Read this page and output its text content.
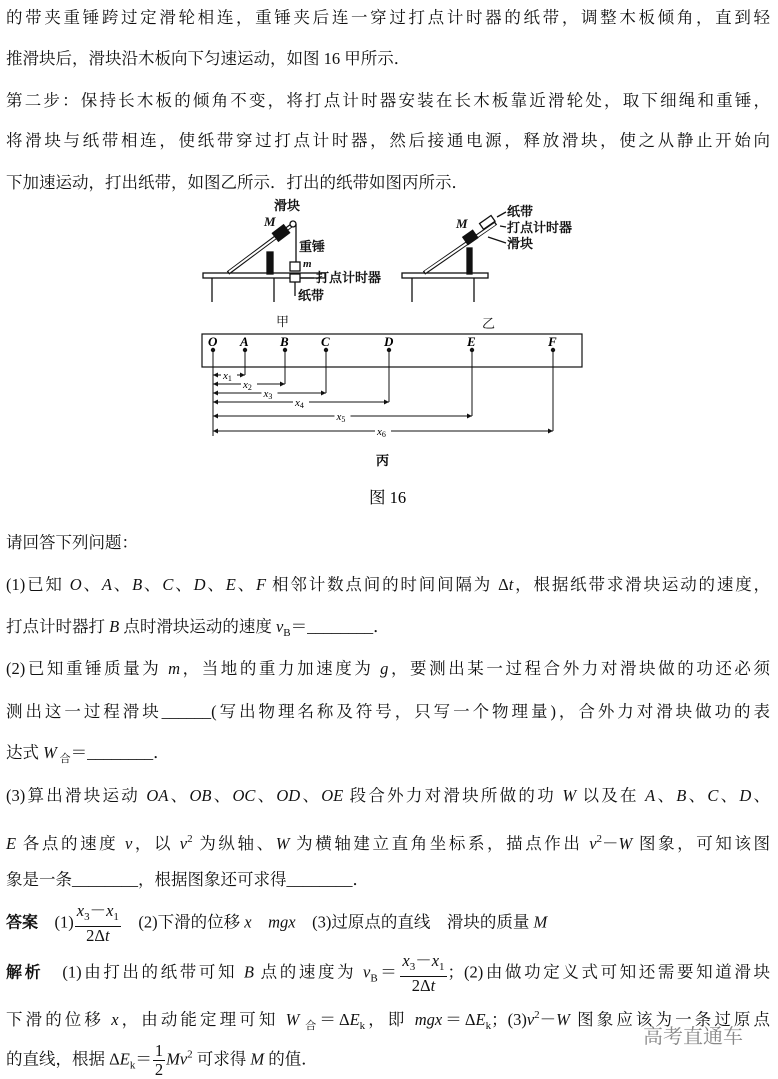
的带夹重锤跨过定滑轮相连，重锤夹后连一穿过打点计时器的纸带，调整木板倾角，直到轻
推滑块后，滑块沿木板向下匀速运动，如图 16 甲所示．
第二步：保持长木板的倾角不变，将打点计时器安装在长木板靠近滑轮处，取下细绳和重锤，
将滑块与纸带相连，使纸带穿过打点计时器，然后接通电源，释放滑块，使之从静止开始向
下加速运动，打出纸带，如图乙所示．打出的纸带如图丙所示．
请回答下列问题：
(1)已知 O、A、B、C、D、E、F 相邻计数点间的时间间隔为 Δt，根据纸带求滑块运动的速度，
打点计时器打 B 点时滑块运动的速度 $v_B=\_\_\_\_\_\_\_\_$．
(2)已知重锤质量为 m，当地的重力加速度为 g，要测出某一过程合外力对滑块做的功还必须
测出这一过程滑块______(写出物理名称及符号，只写一个物理量)，合外力对滑块做功的表
达式 W $_合$＝________．
(3)算出滑块运动 OA、OB、OC、OD、OE 段合外力对滑块所做的功 W 以及在 A、B、C、D、
E 各点的速度 v，以 $v^2$ 为纵轴、W 为横轴建立直角坐标系，描点作出 $v^2-W$ 图象，可知该图
象是一条________，根据图象还可求得________．
答案　$(1) \frac{x_3-x_1}{2\Delta t}$ 　(2)下滑的位移 x　 mgx　(3)过原点的直线　滑块的质量 M
解析　(1)由打出的纸带可知 B 点的速度为 $v_B= \frac{x_3-x_1}{2\Delta t}$ ；(2)由做功定义式可知还需要知道滑块
下滑的位移 x，由动能定理可知 W $_合=\Delta E_k$，即 $mgx=\Delta E_k$；$(3)v^2-W$ 图象应该为一条过原点
的直线，根据 $\Delta E_k= \frac{1}{2} Mv^2$ 可求得 M 的值．
滑块
M
重锤
m
打点计时器
纸带
甲
M
纸带
打点计时器
滑块
乙
丙
O A B C	D	E	F
x1
x2
x3
x4
x5
x6
图 16
高考直通车
